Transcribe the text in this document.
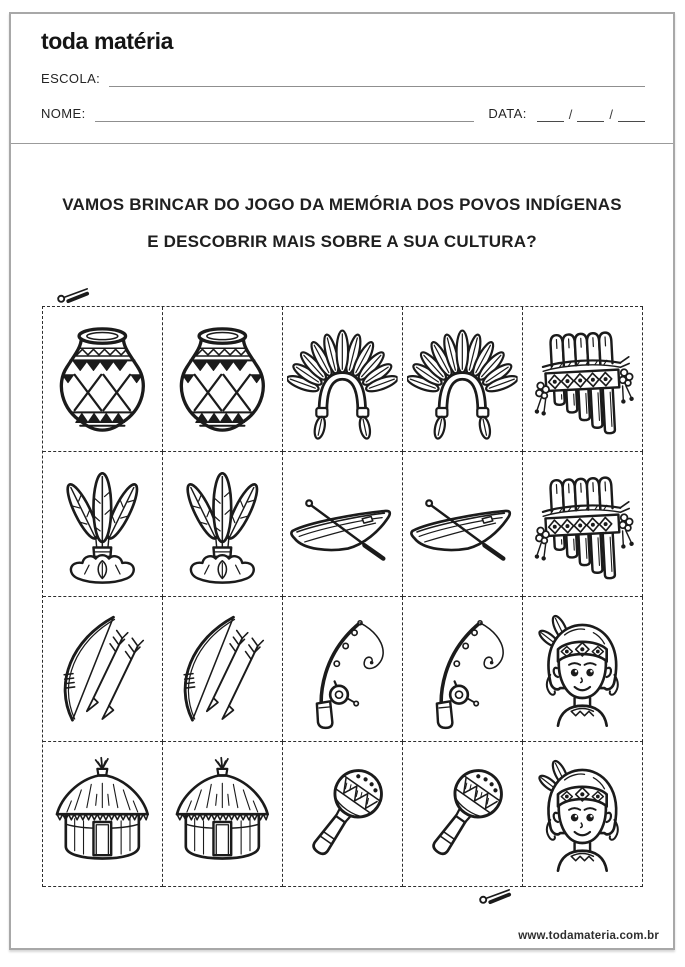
toda matéria
ESCOLA:
NOME:	DATA:	/	/
VAMOS BRINCAR DO JOGO DA MEMÓRIA DOS POVOS INDÍGENAS
E DESCOBRIR MAIS SOBRE A SUA CULTURA?
www.todamateria.com.br
